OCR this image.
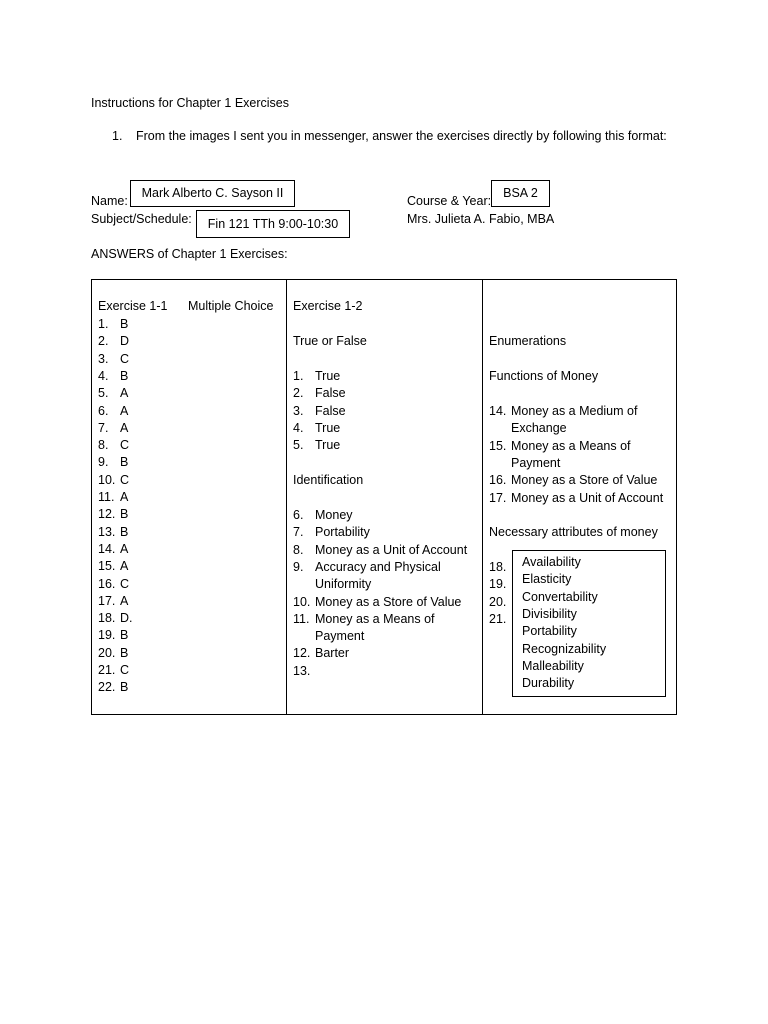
Instructions for Chapter 1 Exercises
1. From the images I sent you in messenger, answer the exercises directly by following this format:
Name:
Mark Alberto C. Sayson II
Subject/Schedule:	Fin 121 TTh 9:00-10:30
Course & Year:
BSA 2
Mrs. Julieta A. Fabio, MBA
ANSWERS of Chapter 1 Exercises:
Exercise 1-1 Multiple Choice
1. B
2. D
3. C
4. B
5. A
6. A
7. A
8. C
9. B
10. C
11. A
12. B
13. B
14. A
15. A
16. C
17. A
18. D.
19. B
20. B
21. C
22. B
Exercise 1-2
True or False
1. True
2. False
3. False
4. True
5. True
Identification
6. Money
7. Portability
8. Money as a Unit of Account
9. Accuracy and Physical
Uniformity
10. Money as a Store of Value
11. Money as a Means of
Payment
12. Barter
13.
Enumerations
Functions of Money
14. Money as a Medium of
Exchange
15. Money as a Means of
Payment
16. Money as a Store of Value
17. Money as a Unit of Account
Necessary attributes of money
18.
19.
20.
21.
Availability
Elasticity
Convertability
Divisibility
Portability
Recognizability
Malleability
Durability
